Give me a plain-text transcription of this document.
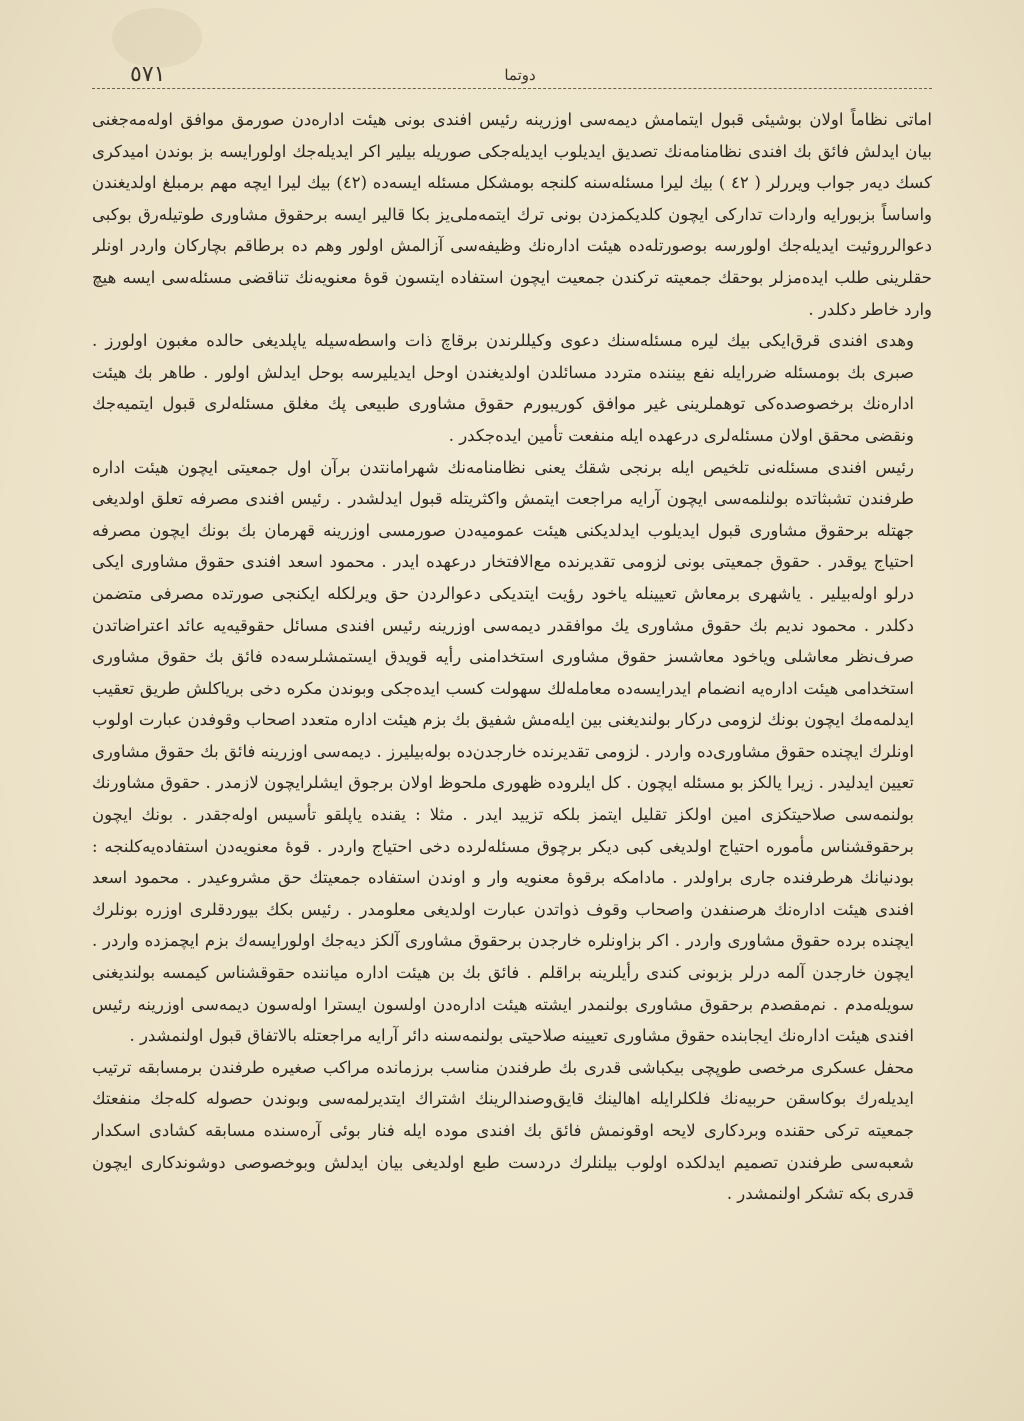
٥٧١	دوتما

اماتی نظاماً اولان بوشیئی قبول ایتمامش دیمه‌سی اوزرینه رئیس افندی بونی هیئت اداره‌دن صورمق موافق اوله‌مه‌جغنی بیان ایدلش فائق بك افندی نظامنامه‌نك تصدیق ایدیلوب ایدیله‌جکی صوریله بیلیر اکر ایدیله‌جك اولورایسه بز بوندن امیدکری کسك دیه‌ر جواب ویررلر ( ٤٢ ) بیك لیرا مسئله‌سنه کلنجه بومشکل مسئله ایسه‌ده (٤٢) بیك لیرا ایچه مهم برمبلغ اولدیغندن واساساً بزبورایه واردات تدارکی ایچون کلدیکمزدن بونی ترك ایتمه‌ملی‌یز بکا قالیر ایسه برحقوق مشاوری طوتیله‌رق بوکبی دعوالرروئیت ایدیله‌جك اولورسه بوصورتله‌ده هیئت اداره‌نك وظیفه‌سی آزالمش اولور وهم ده برطاقم بچارکان واردر اونلر حقلرینی طلب ایده‌مزلر بوحقك جمعیته ترکندن جمعیت ایچون استفاده ایتسون قوهٔ معنویه‌نك تناقضی مسئله‌سی ایسه هیچ وارد خاطر دکلدر .

وهدی افندی قرق‌ایکی بیك لیره مسئله‌سنك دعوی وکیللرندن برقاچ ذات واسطه‌سیله یاپلدیغی حالده مغبون اولورز . صبری بك بومسئله ضررایله نفع بیننده متردد مسائلدن اولدیغندن اوحل ایدیلیرسه بوحل ایدلش اولور . طاهر بك هیئت اداره‌نك برخصوصده‌کی توهملرینی غیر موافق کوریبورم حقوق مشاوری طبیعی پك مغلق مسئله‌لری قبول ایتمیه‌جك ونقضی محقق اولان مسئله‌لری درعهده ایله منفعت تأمین ایده‌جکدر .

رئیس افندی مسئله‌نی تلخیص ایله برنجی شقك یعنی نظامنامه‌نك شهرامانتدن برآن اول جمعیتی ایچون هیئت اداره طرفندن تشبثاتده بولنلمه‌سی ایچون آرایه مراجعت ایتمش واکثریتله قبول ایدلشدر . رئیس افندی مصرفه تعلق اولدیغی جهتله برحقوق مشاوری قبول ایدیلوب ایدلدیکنی هیئت عمومیه‌دن صورمسی اوزرینه قهرمان بك بونك ایچون مصرفه احتیاج یوقدر . حقوق جمعیتی بونی لزومی تقدیرنده مع‌الافتخار درعهده ایدر . محمود اسعد افندی حقوق مشاوری ایکی درلو اوله‌بیلیر . یاشهری برمعاش تعیینله یاخود رؤیت ایتدیکی دعوالردن حق ویرلکله ایکنجی صورتده مصرفی متضمن دکلدر . محمود ندیم بك حقوق مشاوری یك موافقدر دیمه‌سی اوزرینه رئیس افندی مسائل حقوقیه‌یه عائد اعتراضاتدن صرف‌نظر معاشلی ویاخود معاشسز حقوق مشاوری استخدامنی رأیه قویدق ایستمشلرسه‌ده فائق بك حقوق مشاوری استخدامی هیئت اداره‌یه انضمام ایدرایسه‌ده معامله‌لك سهولت کسب ایده‌جکی وبوندن مکره دخی بریاکلش طریق تعقیب ایدلمه‌مك ایچون بونك لزومی درکار بولندیغنی بین ایله‌مش شفیق بك بزم هیئت اداره متعدد اصحاب وقوفدن عبارت اولوب اونلرك ایچنده حقوق مشاوری‌ده واردر . لزومی تقدیرنده خارجدن‌ده بوله‌بیلیرز . دیمه‌سی اوزرینه فائق بك حقوق مشاوری تعیین ایدلیدر . زیرا یالکز بو مسئله ایچون . کل ایلروده ظهوری ملحوظ اولان برجوق ایشلرایچون لازمدر . حقوق مشاورنك بولنمه‌سی صلاحیتکزی امین اولکز تقلیل ایتمز بلکه تزیید ایدر . مثلا : یقنده یاپلقو تأسیس اوله‌جقدر . بونك ایچون برحقوقشناس مأموره احتیاج اولدیغی کبی دیکر برچوق مسئله‌لرده دخی احتیاج واردر . قوهٔ معنویه‌دن استفاده‌یه‌کلنجه : بودنیانك هرطرفنده جاری براولدر . مادامکه برقوهٔ معنویه وار و اوندن استفاده جمعیتك حق مشروعیدر . محمود اسعد افندی هیئت اداره‌نك هرصنفدن واصحاب وقوف ذواتدن عبارت اولدیغی معلومدر . رئیس بکك بیوردقلری اوزره بونلرك ایچنده برده حقوق مشاوری واردر . اکر بزاونلره خارجدن برحقوق مشاوری آلکز دیه‌جك اولورایسه‌ك بزم ایچمزده واردر . ایچون خارجدن آلمه درلر بزبونی کندی رأیلرینه براقلم . فائق بك بن هیئت اداره میاننده حقوقشناس کیمسه بولندیغنی سویله‌مدم . نم‌مقصدم برحقوق مشاوری بولنمدر ایشته هیئت اداره‌دن اولسون ایسترا اوله‌سون دیمه‌سی اوزرینه رئیس افندی هیئت اداره‌نك ایجابنده حقوق مشاوری تعیینه صلاحیتی بولنمه‌سنه دائر آرایه مراجعتله بالاتفاق قبول اولنمشدر .

محفل عسکری مرخصی طوپچی بیکباشی قدری بك طرفندن مناسب برزمانده مراکب صغیره طرفندن برمسابقه ترتیب ایدیله‌رك بوکاسقن حربیه‌نك فلکلرایله اهالینك قایق‌وصندالرینك اشتراك ایتدیرلمه‌سی وبوندن حصوله کله‌جك منفعتك جمعیته ترکی حقنده وبردکاری لایحه اوقونمش فائق بك افندی موده ایله فنار بوئی آره‌سنده مسابقه کشادی اسکدار شعبه‌سی طرفندن تصمیم ایدلکده اولوب بیلنلرك دردست طبع اولدیغی بیان ایدلش وبوخصوصی دوشوندکاری ایچون قدری بکه تشکر اولنمشدر .
